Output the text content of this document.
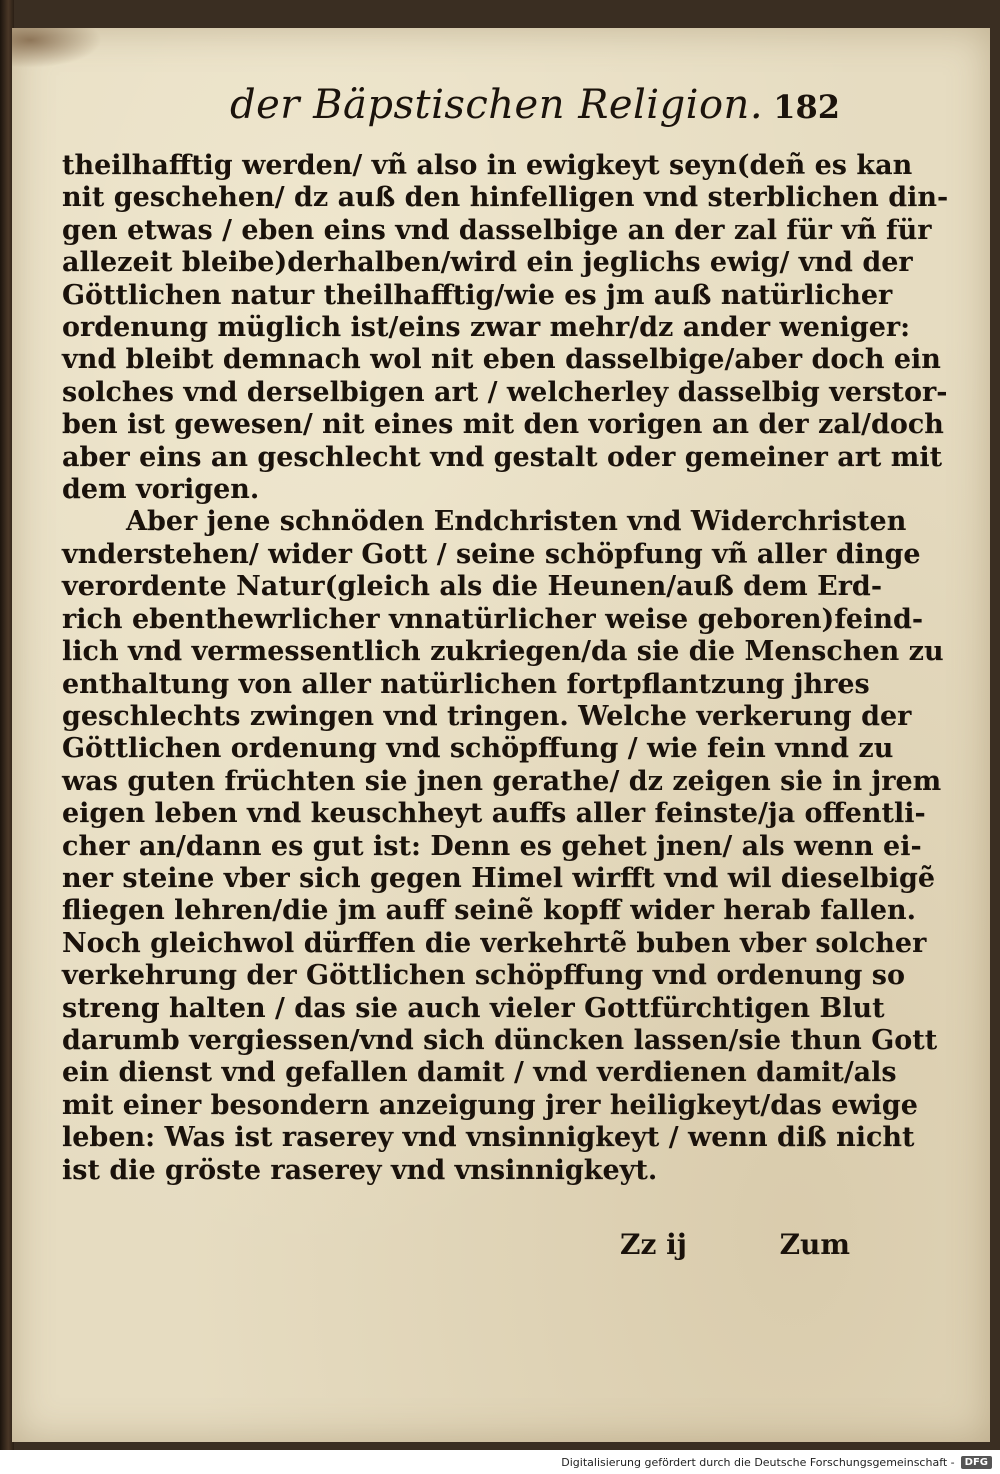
der Bäpstischen Religion. 182
theilhafftig werden/ vñ also in ewigkeyt seyn(deñ es kan
nit geschehen/ dz auß den hinfelligen vnd sterblichen din-
gen etwas / eben eins vnd dasselbige an der zal für vñ für
allezeit bleibe)derhalben/wird ein jeglichs ewig/ vnd der
Göttlichen natur theilhafftig/wie es jm auß natürlicher
ordenung müglich ist/eins zwar mehr/dz ander weniger:
vnd bleibt demnach wol nit eben dasselbige/aber doch ein
solches vnd derselbigen art / welcherley dasselbig verstor-
ben ist gewesen/ nit eines mit den vorigen an der zal/doch
aber eins an geschlecht vnd gestalt oder gemeiner art mit
dem vorigen.
Aber jene schnöden Endchristen vnd Widerchristen
vnderstehen/ wider Gott / seine schöpfung vñ aller dinge
verordente Natur(gleich als die Heunen/auß dem Erd-
rich ebenthewrlicher vnnatürlicher weise geboren)feind-
lich vnd vermessentlich zukriegen/da sie die Menschen zu
enthaltung von aller natürlichen fortpflantzung jhres
geschlechts zwingen vnd tringen. Welche verkerung der
Göttlichen ordenung vnd schöpffung / wie fein vnnd zu
was guten früchten sie jnen gerathe/ dz zeigen sie in jrem
eigen leben vnd keuschheyt auffs aller feinste/ja offentli-
cher an/dann es gut ist: Denn es gehet jnen/ als wenn ei-
ner steine vber sich gegen Himel wirfft vnd wil dieselbigẽ
fliegen lehren/die jm auff seinẽ kopff wider herab fallen.
Noch gleichwol dürffen die verkehrtẽ buben vber solcher
verkehrung der Göttlichen schöpffung vnd ordenung so
streng halten / das sie auch vieler Gottfürchtigen Blut
darumb vergiessen/vnd sich düncken lassen/sie thun Gott
ein dienst vnd gefallen damit / vnd verdienen damit/als
mit einer besondern anzeigung jrer heiligkeyt/das ewige
leben: Was ist raserey vnd vnsinnigkeyt / wenn diß nicht
ist die gröste raserey vnd vnsinnigkeyt.
Zz ij	Zum
Digitalisierung gefördert durch die Deutsche Forschungsgemeinschaft -	DFG
